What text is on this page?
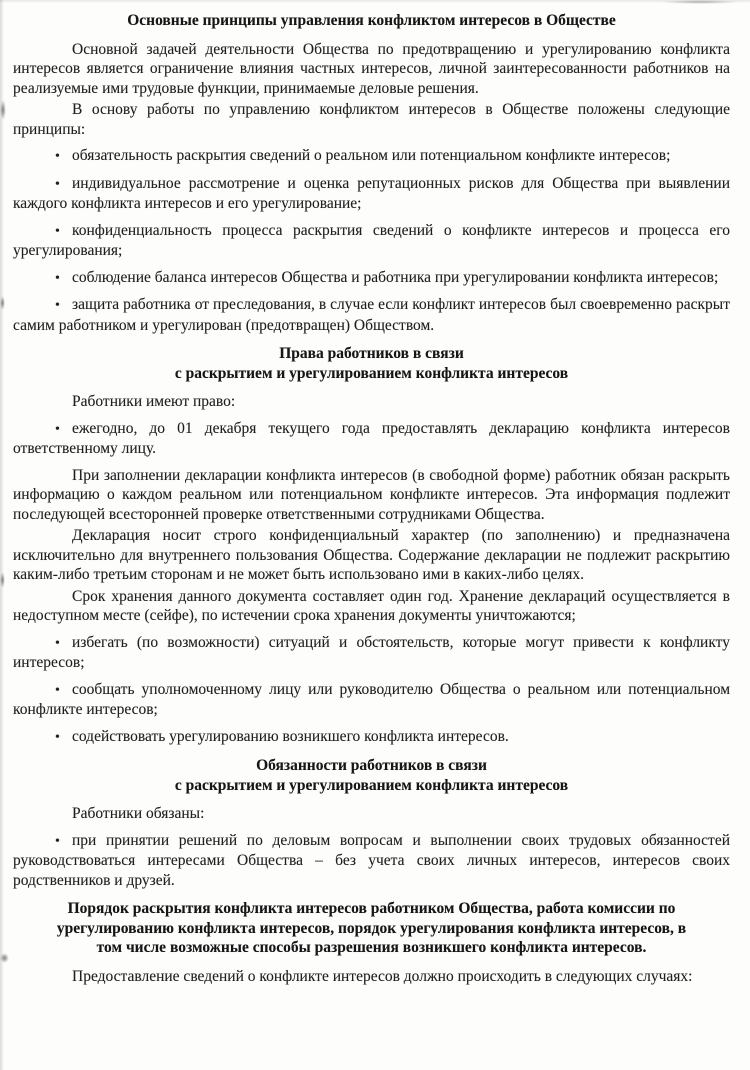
Основные принципы управления конфликтом интересов в Обществе

Основной задачей деятельности Общества по предотвращению и урегулированию конфликта интересов является ограничение влияния частных интересов, личной заинтересованности работников на реализуемые ими трудовые функции, принимаемые деловые решения.

В основу работы по управлению конфликтом интересов в Обществе положены следующие принципы:

• обязательность раскрытия сведений о реальном или потенциальном конфликте интересов;

• индивидуальное рассмотрение и оценка репутационных рисков для Общества при выявлении каждого конфликта интересов и его урегулирование;

• конфиденциальность процесса раскрытия сведений о конфликте интересов и процесса его урегулирования;

• соблюдение баланса интересов Общества и работника при урегулировании конфликта интересов;

• защита работника от преследования, в случае если конфликт интересов был своевременно раскрыт самим работником и урегулирован (предотвращен) Обществом.

Права работников в связи
с раскрытием и урегулированием конфликта интересов

Работники имеют право:

• ежегодно, до 01 декабря текущего года предоставлять декларацию конфликта интересов ответственному лицу.

При заполнении декларации конфликта интересов (в свободной форме) работник обязан раскрыть информацию о каждом реальном или потенциальном конфликте интересов. Эта информация подлежит последующей всесторонней проверке ответственными сотрудниками Общества.

Декларация носит строго конфиденциальный характер (по заполнению) и предназначена исключительно для внутреннего пользования Общества. Содержание декларации не подлежит раскрытию каким-либо третьим сторонам и не может быть использовано ими в каких-либо целях.

Срок хранения данного документа составляет один год. Хранение деклараций осуществляется в недоступном месте (сейфе), по истечении срока хранения документы уничтожаются;

• избегать (по возможности) ситуаций и обстоятельств, которые могут привести к конфликту интересов;

• сообщать уполномоченному лицу или руководителю Общества о реальном или потенциальном конфликте интересов;

• содействовать урегулированию возникшего конфликта интересов.

Обязанности работников в связи
с раскрытием и урегулированием конфликта интересов

Работники обязаны:

• при принятии решений по деловым вопросам и выполнении своих трудовых обязанностей руководствоваться интересами Общества – без учета своих личных интересов, интересов своих родственников и друзей.

Порядок раскрытия конфликта интересов работником Общества, работа комиссии по
урегулированию конфликта интересов, порядок урегулирования конфликта интересов, в
том числе возможные способы разрешения возникшего конфликта интересов.

Предоставление сведений о конфликте интересов должно происходить в следующих случаях:
